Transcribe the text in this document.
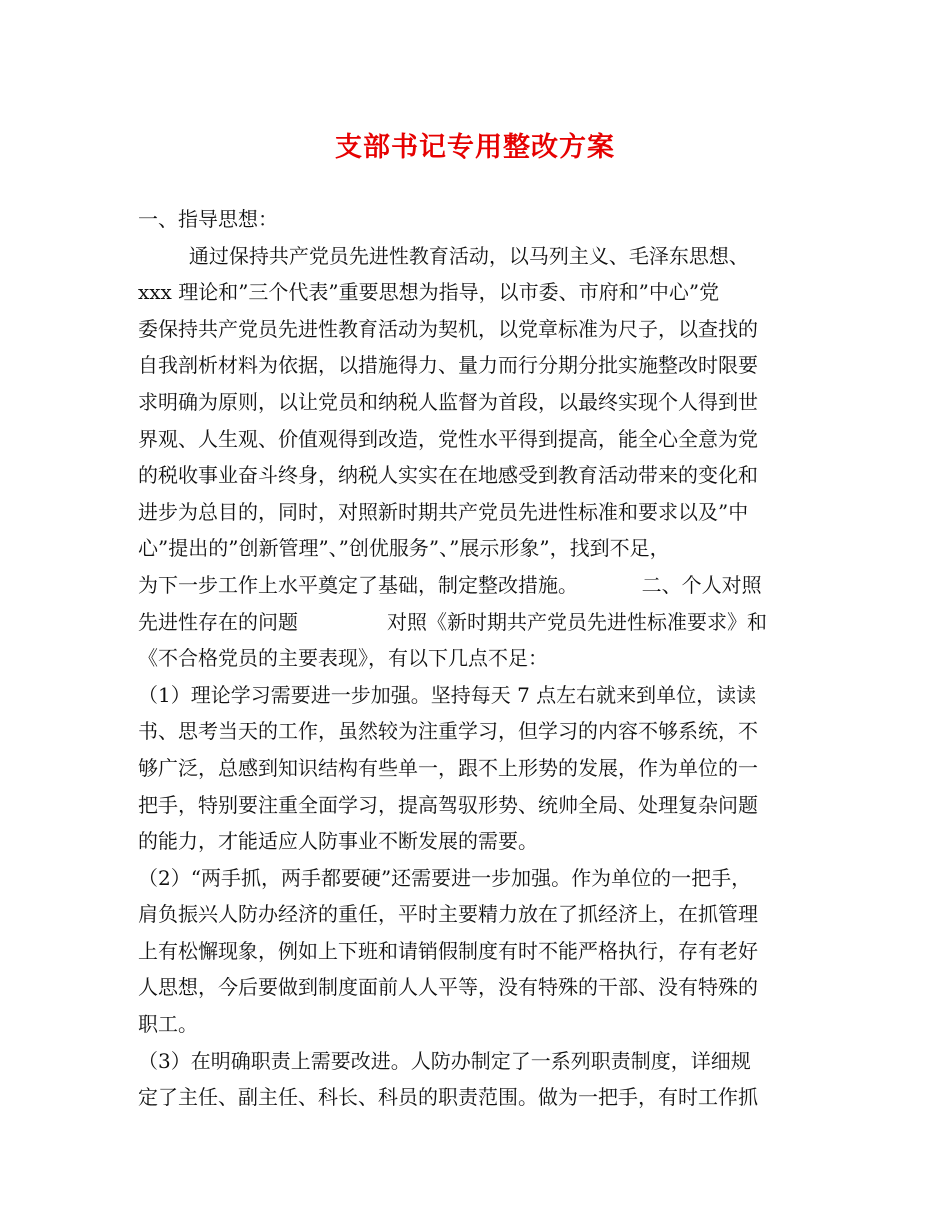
支部书记专用整改方案
一、指导思想：
通过保持共产党员先进性教育活动，以马列主义、毛泽东思想、
xxx 理论和”三个代表”重要思想为指导，以市委、市府和”中心”党
委保持共产党员先进性教育活动为契机，以党章标准为尺子，以查找的
自我剖析材料为依据，以措施得力、量力而行分期分批实施整改时限要
求明确为原则，以让党员和纳税人监督为首段，以最终实现个人得到世
界观、人生观、价值观得到改造，党性水平得到提高，能全心全意为党
的税收事业奋斗终身，纳税人实实在在地感受到教育活动带来的变化和
进步为总目的，同时，对照新时期共产党员先进性标准和要求以及”中
心”提出的”创新管理”、”创优服务”、”展示形象”，找到不足，
为下一步工作上水平奠定了基础，制定整改措施。          二、个人对照
先进性存在的问题              对照《新时期共产党员先进性标准要求》和
《不合格党员的主要表现》，有以下几点不足：
（1）理论学习需要进一步加强。坚持每天 7 点左右就来到单位，读读
书、思考当天的工作，虽然较为注重学习，但学习的内容不够系统，不
够广泛，总感到知识结构有些单一，跟不上形势的发展，作为单位的一
把手，特别要注重全面学习，提高驾驭形势、统帅全局、处理复杂问题
的能力，才能适应人防事业不断发展的需要。
（2）“两手抓，两手都要硬”还需要进一步加强。作为单位的一把手，
肩负振兴人防办经济的重任，平时主要精力放在了抓经济上，在抓管理
上有松懈现象，例如上下班和请销假制度有时不能严格执行，存有老好
人思想，今后要做到制度面前人人平等，没有特殊的干部、没有特殊的
职工。
（3）在明确职责上需要改进。人防办制定了一系列职责制度，详细规
定了主任、副主任、科长、科员的职责范围。做为一把手，有时工作抓
